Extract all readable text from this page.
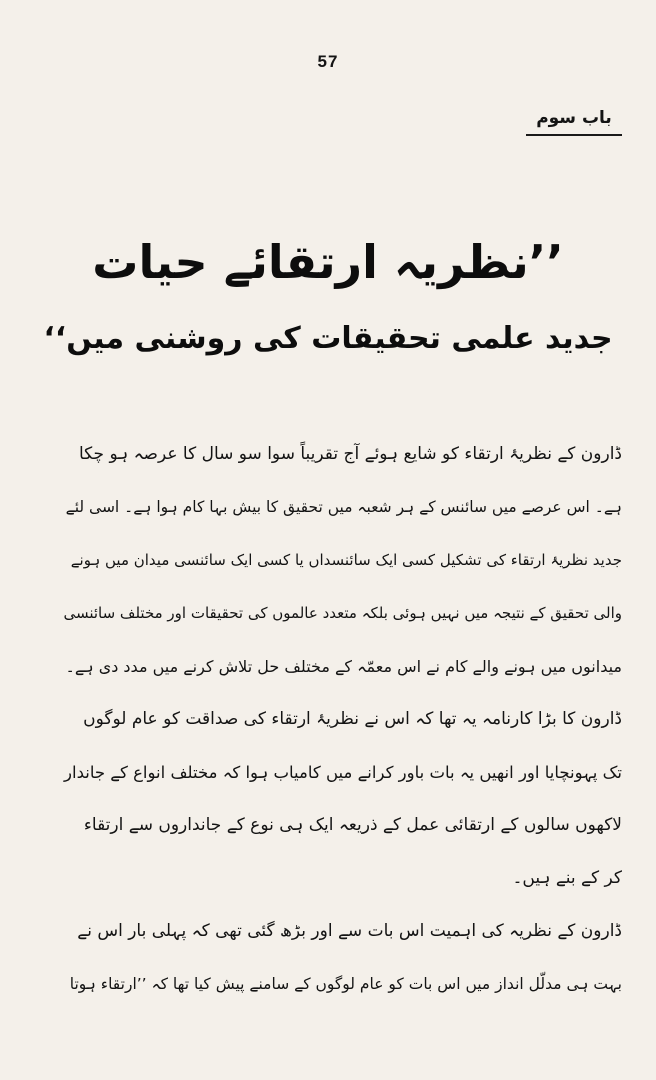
57
باب سوم
’’نظریہ ارتقائے حیات
جدید علمی تحقیقات کی روشنی میں‘‘
ڈارون کے نظریۂ ارتقاء کو شایع ہوئے آج تقریباً سوا سو سال کا عرصہ ہو چکا
ہے۔ اس عرصے میں سائنس کے ہر شعبہ میں تحقیق کا بیش بہا کام ہوا ہے۔ اسی لئے
جدید نظریۂ ارتقاء کی تشکیل کسی ایک سائنسداں یا کسی ایک سائنسی میدان میں ہونے
والی تحقیق کے نتیجہ میں نہیں ہوئی بلکہ متعدد عالموں کی تحقیقات اور مختلف سائنسی
میدانوں میں ہونے والے کام نے اس معمّہ کے مختلف حل تلاش کرنے میں مدد دی ہے۔
ڈارون کا بڑا کارنامہ یہ تھا کہ اس نے نظریۂ ارتقاء کی صداقت کو عام لوگوں
تک پہونچایا اور انھیں یہ بات باور کرانے میں کامیاب ہوا کہ مختلف انواع کے جاندار
لاکھوں سالوں کے ارتقائی عمل کے ذریعہ ایک ہی نوع کے جانداروں سے ارتقاء
کر کے بنے ہیں۔
ڈارون کے نظریہ کی اہمیت اس بات سے اور بڑھ گئی تھی کہ پہلی بار اس نے
بہت ہی مدلّل انداز میں اس بات کو عام لوگوں کے سامنے پیش کیا تھا کہ ’’ارتقاء ہوتا
